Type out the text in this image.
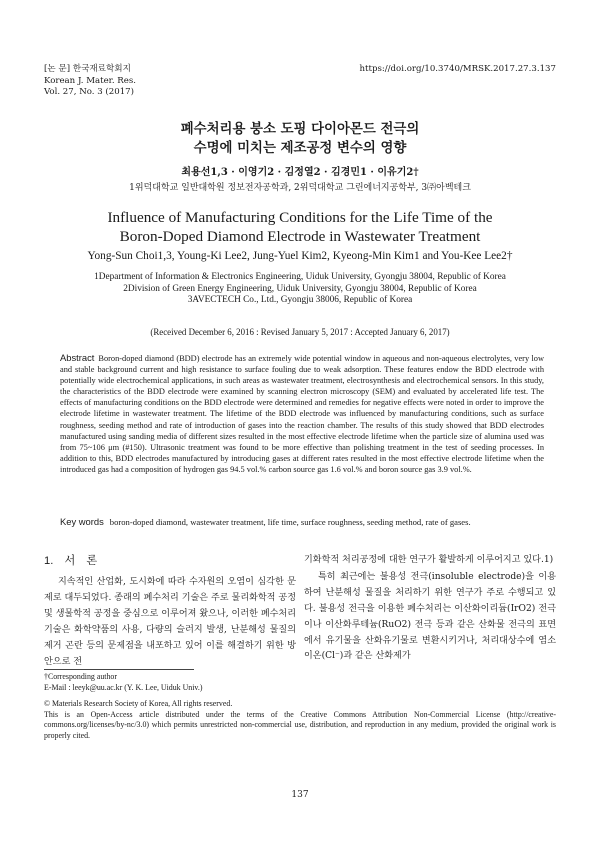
[논 문] 한국재료학회지
Korean J. Mater. Res.
Vol. 27, No. 3 (2017)
https://doi.org/10.3740/MRSK.2017.27.3.137
폐수처리용 붕소 도핑 다이아몬드 전극의
수명에 미치는 제조공정 변수의 영향
최용선1,3 · 이영기2 · 김정열2 · 김경민1 · 이유기2†
1위덕대학교 일반대학원 정보전자공학과, 2위덕대학교 그린에너지공학부, 3㈜아벡테크
Influence of Manufacturing Conditions for the Life Time of the
Boron-Doped Diamond Electrode in Wastewater Treatment
Yong-Sun Choi1,3, Young-Ki Lee2, Jung-Yuel Kim2, Kyeong-Min Kim1 and You-Kee Lee2†
1Department of Information & Electronics Engineering, Uiduk University, Gyongju 38004, Republic of Korea
2Division of Green Energy Engineering, Uiduk University, Gyongju 38004, Republic of Korea
3AVECTECH Co., Ltd., Gyongju 38006, Republic of Korea
(Received December 6, 2016 : Revised January 5, 2017 : Accepted January 6, 2017)
Abstract Boron-doped diamond (BDD) electrode has an extremely wide potential window in aqueous and non-aqueous electrolytes, very low and stable background current and high resistance to surface fouling due to weak adsorption. These features endow the BDD electrode with potentially wide electrochemical applications, in such areas as wastewater treatment, electrosynthesis and electrochemical sensors. In this study, the characteristics of the BDD electrode were examined by scanning electron microscopy (SEM) and evaluated by accelerated life test. The effects of manufacturing conditions on the BDD electrode were determined and remedies for negative effects were noted in order to improve the electrode lifetime in wastewater treatment. The lifetime of the BDD electrode was influenced by manufacturing conditions, such as surface roughness, seeding method and rate of introduction of gases into the reaction chamber. The results of this study showed that BDD electrodes manufactured using sanding media of different sizes resulted in the most effective electrode lifetime when the particle size of alumina used was from 75~106 μm (#150). Ultrasonic treatment was found to be more effective than polishing treatment in the test of seeding processes. In addition to this, BDD electrodes manufactured by introducing gases at different rates resulted in the most effective electrode lifetime when the introduced gas had a composition of hydrogen gas 94.5 vol.% carbon source gas 1.6 vol.% and boron source gas 3.9 vol.%.
Key words boron-doped diamond, wastewater treatment, life time, surface roughness, seeding method, rate of gases.
1. 서 론

지속적인 산업화, 도시화에 따라 수자원의 오염이 심각한 문제로 대두되었다. 종래의 폐수처리 기술은 주로 물리화학적 공정 및 생물학적 공정을 중심으로 이루어져 왔으나, 이러한 폐수처리 기술은 화학약품의 사용, 다량의 슬러지 발생, 난분해성 물질의 제거 곤란 등의 문제점을 내포하고 있어 이를 해결하기 위한 방안으로 전

기화학적 처리공정에 대한 연구가 활발하게 이루어지고 있다.1)

특히 최근에는 불용성 전극(insoluble electrode)을 이용하여 난분해성 물질을 처리하기 위한 연구가 주로 수행되고 있다. 불용성 전극을 이용한 폐수처리는 이산화이리듐(IrO2) 전극이나 이산화루테늄(RuO2) 전극 등과 같은 산화물 전극의 표면에서 유기물을 산화유기물로 변환시키거나, 처리대상수에 염소이온(Cl⁻)과 같은 산화제가

†Corresponding author
E-Mail : leeyk@uu.ac.kr (Y. K. Lee, Uiduk Univ.)
© Materials Research Society of Korea, All rights reserved.
This is an Open-Access article distributed under the terms of the Creative Commons Attribution Non-Commercial License (http://creative-commons.org/licenses/by-nc/3.0) which permits unrestricted non-commercial use, distribution, and reproduction in any medium, provided the original work is properly cited.
137
